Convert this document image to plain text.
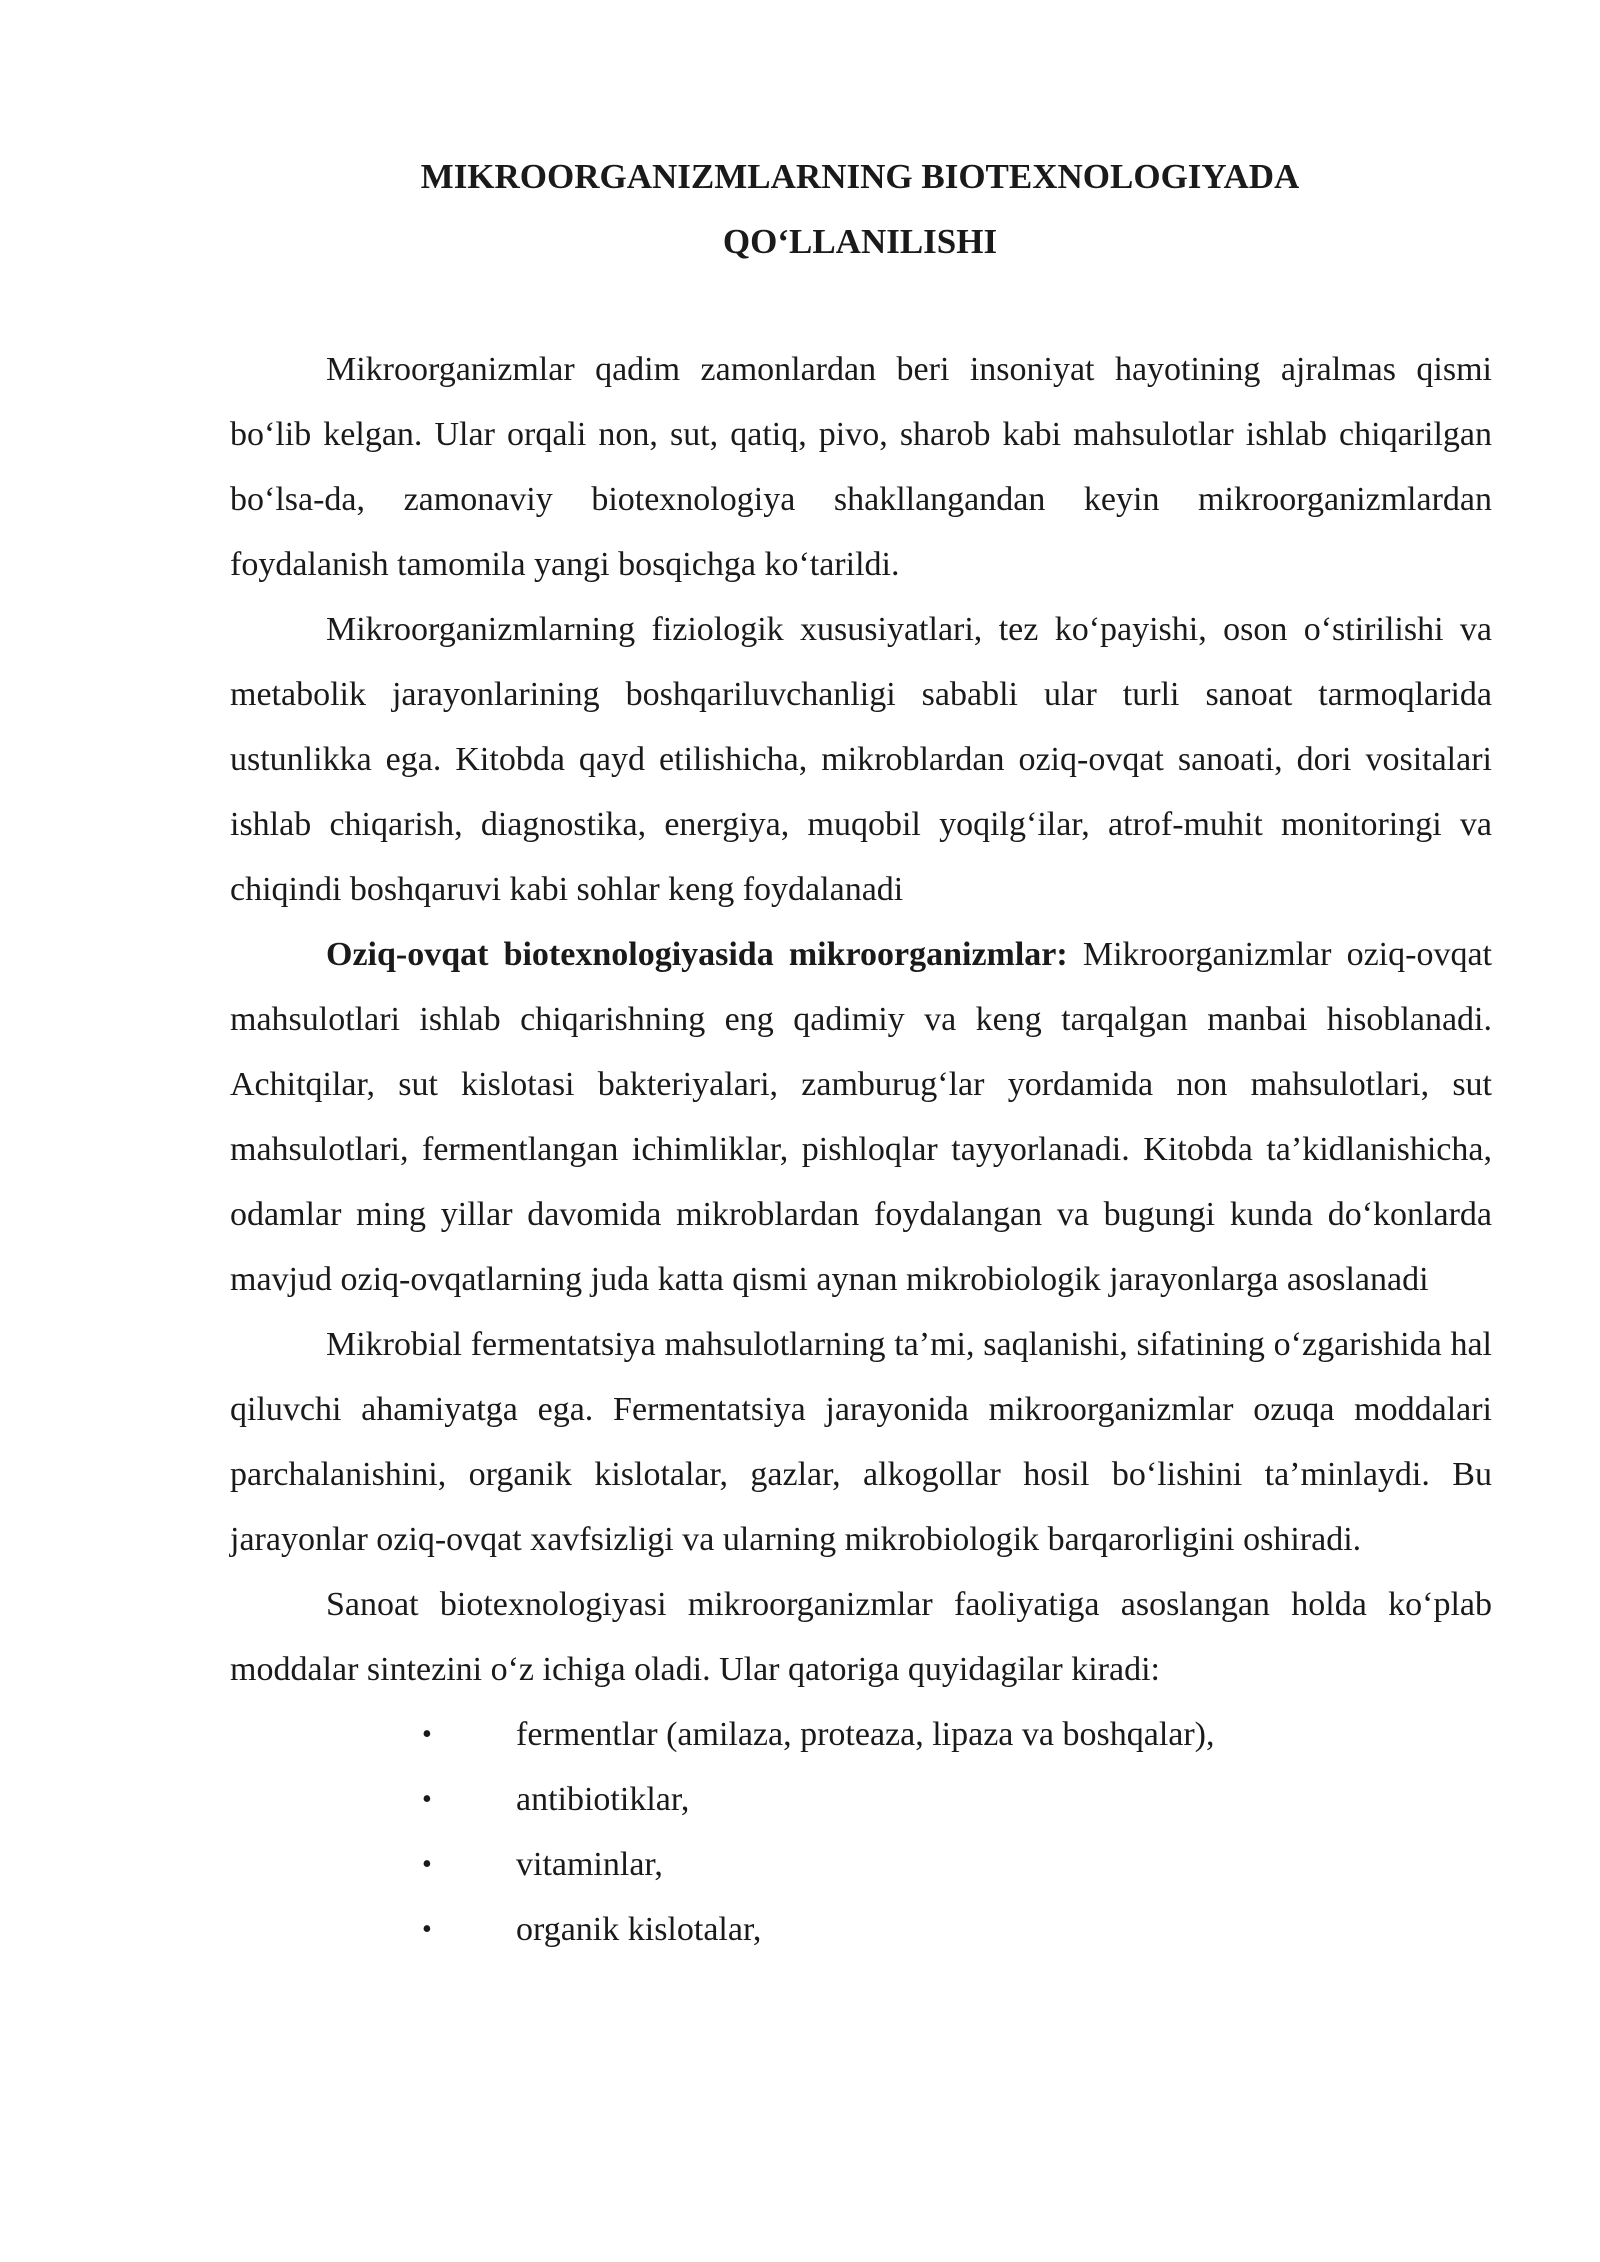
MIKROORGANIZMLARNING BIOTEXNOLOGIYADA
QO‘LLANILISHI

Mikroorganizmlar qadim zamonlardan beri insoniyat hayotining ajralmas qismi bo‘lib kelgan. Ular orqali non, sut, qatiq, pivo, sharob kabi mahsulotlar ishlab chiqarilgan bo‘lsa-da, zamonaviy biotexnologiya shakllangandan keyin mikroorganizmlardan foydalanish tamomila yangi bosqichga ko‘tarildi.

Mikroorganizmlarning fiziologik xususiyatlari, tez ko‘payishi, oson o‘stirilishi va metabolik jarayonlarining boshqariluvchanligi sababli ular turli sanoat tarmoqlarida ustunlikka ega. Kitobda qayd etilishicha, mikroblardan oziq-ovqat sanoati, dori vositalari ishlab chiqarish, diagnostika, energiya, muqobil yoqilg‘ilar, atrof-muhit monitoringi va chiqindi boshqaruvi kabi sohlar keng foydalanadi

Oziq-ovqat biotexnologiyasida mikroorganizmlar: Mikroorganizmlar oziq-ovqat mahsulotlari ishlab chiqarishning eng qadimiy va keng tarqalgan manbai hisoblanadi. Achitqilar, sut kislotasi bakteriyalari, zamburug‘lar yordamida non mahsulotlari, sut mahsulotlari, fermentlangan ichimliklar, pishloqlar tayyorlanadi. Kitobda ta’kidlanishicha, odamlar ming yillar davomida mikroblardan foydalangan va bugungi kunda do‘konlarda mavjud oziq-ovqatlarning juda katta qismi aynan mikrobiologik jarayonlarga asoslanadi

Mikrobial fermentatsiya mahsulotlarning ta’mi, saqlanishi, sifatining o‘zgarishida hal qiluvchi ahamiyatga ega. Fermentatsiya jarayonida mikroorganizmlar ozuqa moddalari parchalanishini, organik kislotalar, gazlar, alkogollar hosil bo‘lishini ta’minlaydi. Bu jarayonlar oziq-ovqat xavfsizligi va ularning mikrobiologik barqarorligini oshiradi.

Sanoat biotexnologiyasi mikroorganizmlar faoliyatiga asoslangan holda ko‘plab moddalar sintezini o‘z ichiga oladi. Ular qatoriga quyidagilar kiradi:

• fermentlar (amilaza, proteaza, lipaza va boshqalar),
• antibiotiklar,
• vitaminlar,
• organik kislotalar,
